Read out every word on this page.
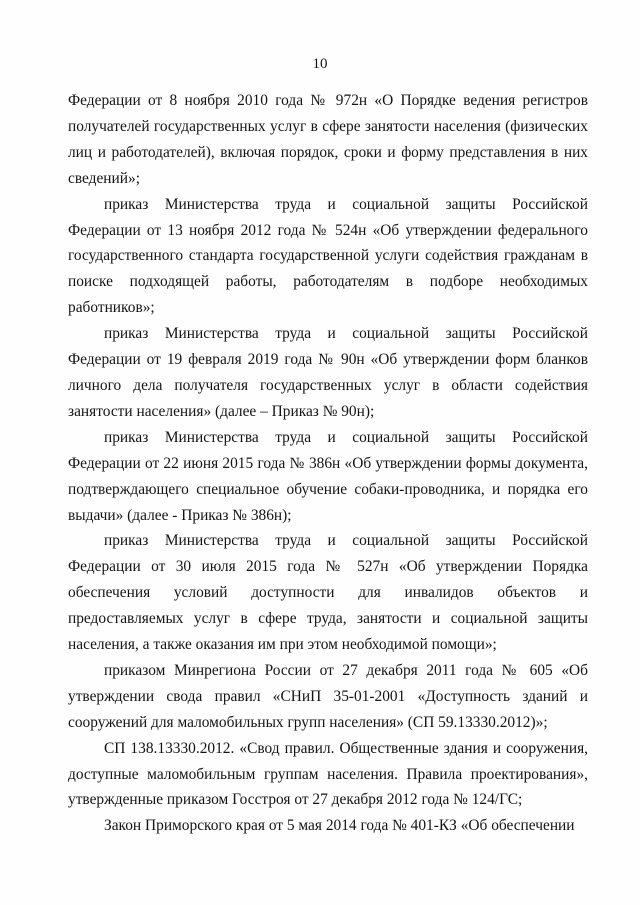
10

Федерации от 8 ноября 2010 года № 972н «О Порядке ведения регистров получателей государственных услуг в сфере занятости населения (физических лиц и работодателей), включая порядок, сроки и форму представления в них сведений»;

приказ Министерства труда и социальной защиты Российской Федерации от 13 ноября 2012 года № 524н «Об утверждении федерального государственного стандарта государственной услуги содействия гражданам в поиске подходящей работы, работодателям в подборе необходимых работников»;

приказ Министерства труда и социальной защиты Российской Федерации от 19 февраля 2019 года № 90н «Об утверждении форм бланков личного дела получателя государственных услуг в области содействия занятости населения» (далее – Приказ № 90н);

приказ Министерства труда и социальной защиты Российской Федерации от 22 июня 2015 года № 386н «Об утверждении формы документа, подтверждающего специальное обучение собаки-проводника, и порядка его выдачи» (далее - Приказ № 386н);

приказ Министерства труда и социальной защиты Российской Федерации от 30 июля 2015 года № 527н «Об утверждении Порядка обеспечения условий доступности для инвалидов объектов и предоставляемых услуг в сфере труда, занятости и социальной защиты населения, а также оказания им при этом необходимой помощи»;

приказом Минрегиона России от 27 декабря 2011 года № 605 «Об утверждении свода правил «СНиП 35-01-2001 «Доступность зданий и сооружений для маломобильных групп населения» (СП 59.13330.2012)»;

СП 138.13330.2012. «Свод правил. Общественные здания и сооружения, доступные маломобильным группам населения. Правила проектирования», утвержденные приказом Госстроя от 27 декабря 2012 года № 124/ГС;

Закон Приморского края от 5 мая 2014 года № 401-КЗ «Об обеспечении
